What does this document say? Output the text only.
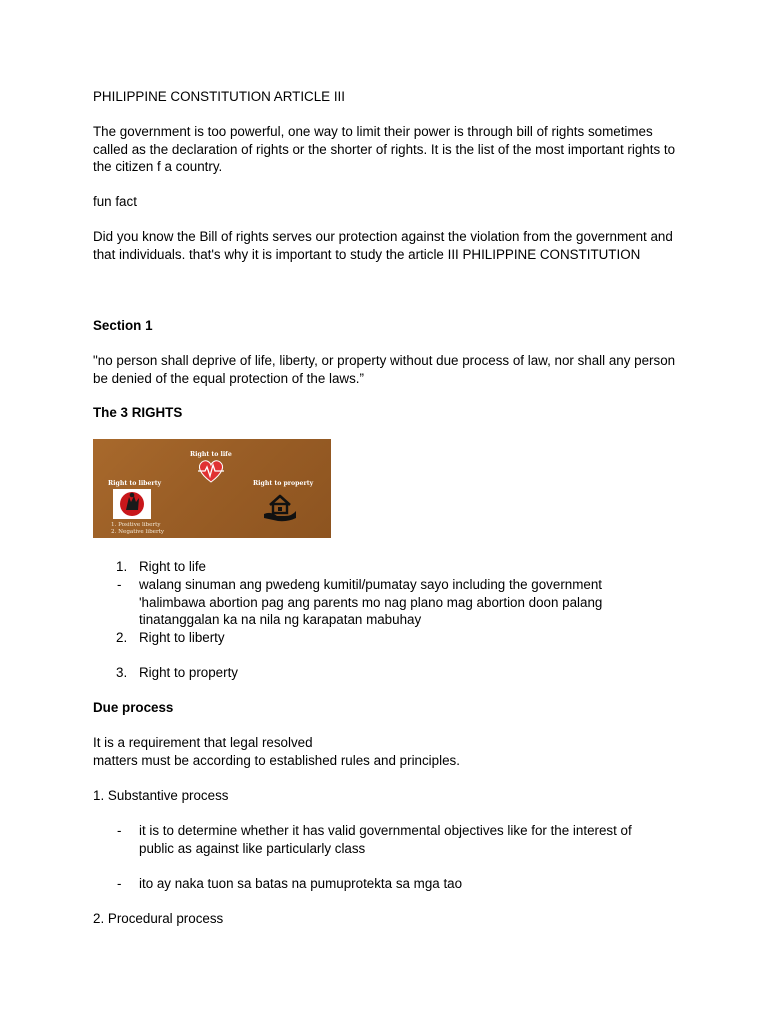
PHILIPPINE CONSTITUTION ARTICLE III
The government is too powerful, one way to limit their power is through bill of rights sometimes called as the declaration of rights or the shorter of rights. It is the list of the most important rights to the citizen f a country.
fun fact
Did you know the Bill of rights serves our protection against the violation from the government and that individuals. that's why it is important to study the article III PHILIPPINE CONSTITUTION
Section 1
"no person shall deprive of life, liberty, or property without due process of law, nor shall any person be denied of the equal protection of the laws.”
The 3 RIGHTS
Right to life
Right to liberty
1. Positive liberty
2. Negative liberty
Right to property
1. Right to life
- walang sinuman ang pwedeng kumitil/pumatay sayo including the government 'halimbawa abortion pag ang parents mo nag plano mag abortion doon palang tinatanggalan ka na nila ng karapatan mabuhay
2. Right to liberty
3. Right to property
Due process
It is a requirement that legal resolved
matters must be according to established rules and principles.
1. Substantive process
- it is to determine whether it has valid governmental objectives like for the interest of public as against like particularly class
- ito ay naka tuon sa batas na pumuprotekta sa mga tao
2. Procedural process
